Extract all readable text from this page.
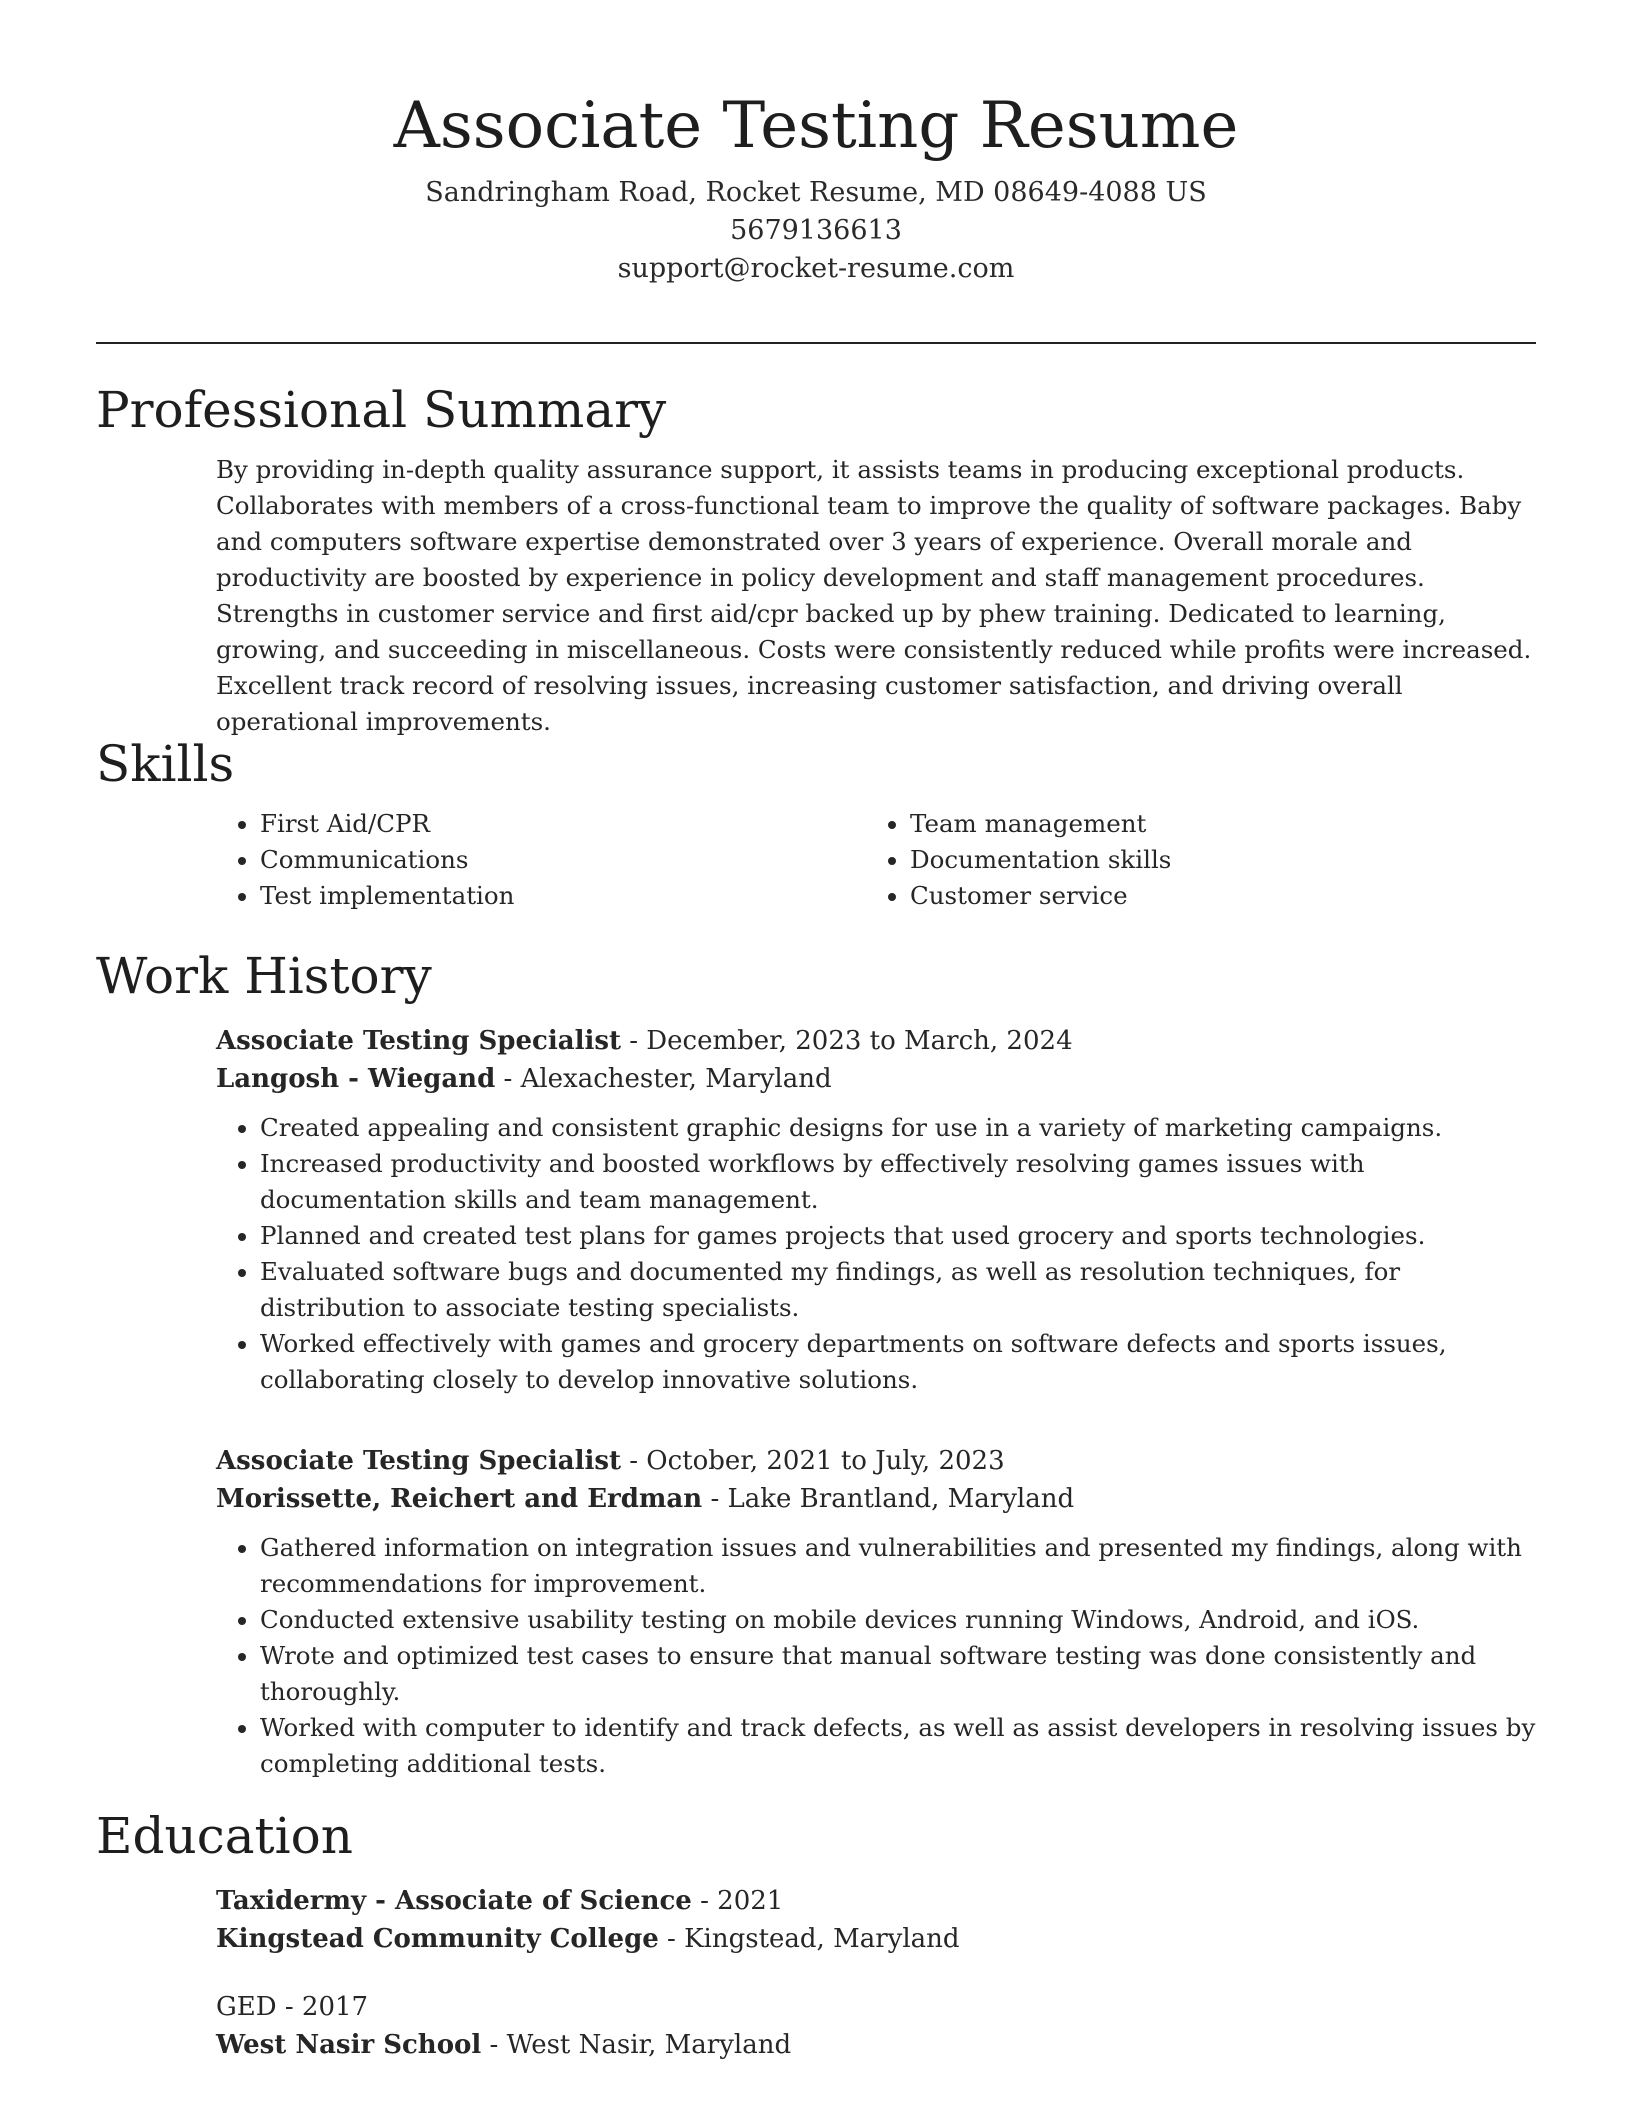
Associate Testing Resume
Sandringham Road, Rocket Resume, MD 08649-4088 US
5679136613
support@rocket-resume.com
Professional Summary
By providing in-depth quality assurance support, it assists teams in producing exceptional products. Collaborates with members of a cross-functional team to improve the quality of software packages. Baby and computers software expertise demonstrated over 3 years of experience. Overall morale and productivity are boosted by experience in policy development and staff management procedures. Strengths in customer service and first aid/cpr backed up by phew training. Dedicated to learning, growing, and succeeding in miscellaneous. Costs were consistently reduced while profits were increased. Excellent track record of resolving issues, increasing customer satisfaction, and driving overall operational improvements.
Skills
• First Aid/CPR
• Communications
• Test implementation
• Team management
• Documentation skills
• Customer service
Work History
Associate Testing Specialist - December, 2023 to March, 2024
Langosh - Wiegand - Alexachester, Maryland
• Created appealing and consistent graphic designs for use in a variety of marketing campaigns.
• Increased productivity and boosted workflows by effectively resolving games issues with documentation skills and team management.
• Planned and created test plans for games projects that used grocery and sports technologies.
• Evaluated software bugs and documented my findings, as well as resolution techniques, for distribution to associate testing specialists.
• Worked effectively with games and grocery departments on software defects and sports issues, collaborating closely to develop innovative solutions.
Associate Testing Specialist - October, 2021 to July, 2023
Morissette, Reichert and Erdman - Lake Brantland, Maryland
• Gathered information on integration issues and vulnerabilities and presented my findings, along with recommendations for improvement.
• Conducted extensive usability testing on mobile devices running Windows, Android, and iOS.
• Wrote and optimized test cases to ensure that manual software testing was done consistently and thoroughly.
• Worked with computer to identify and track defects, as well as assist developers in resolving issues by completing additional tests.
Education
Taxidermy - Associate of Science - 2021
Kingstead Community College - Kingstead, Maryland
GED - 2017
West Nasir School - West Nasir, Maryland
